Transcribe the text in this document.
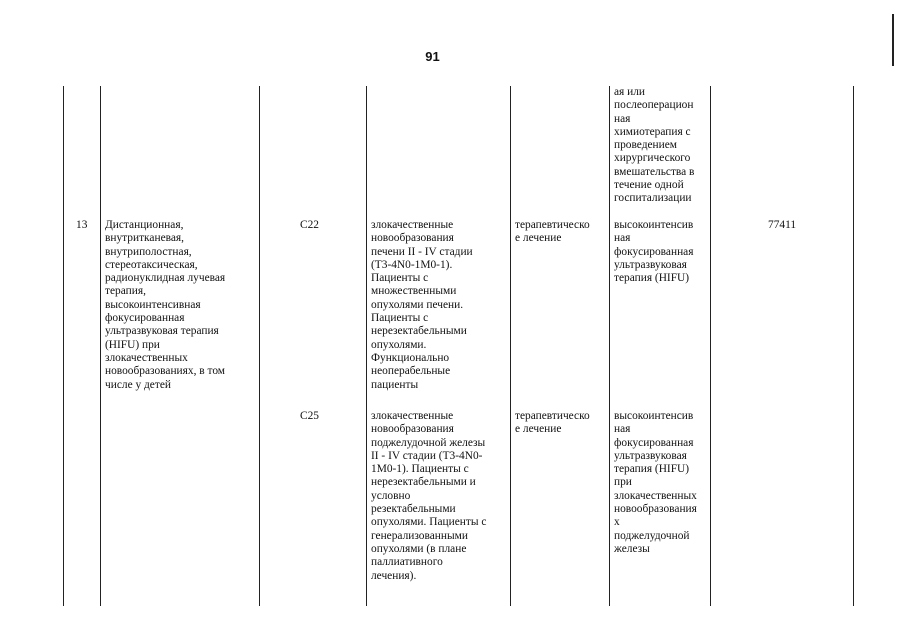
91
13 Дистанционная,
внутритканевая,
внутриполостная,
стереотаксическая,
радионуклидная лучевая
терапия,
высокоинтенсивная
фокусированная
ультразвуковая терапия
(HIFU) при
злокачественных
новообразованиях, в том
числе у детей
77411
ая или
послеоперацион
ная
химиотерапия с
проведением
хирургического
вмешательства в
течение одной
госпитализации
C22	злокачественные
новообразования
печени II - IV стадии
(T3-4N0-1M0-1).
Пациенты с
множественными
опухолями печени.
Пациенты с
нерезектабельными
опухолями.
Функционально
неоперабельные
пациенты
терапевтическо
е лечение
высокоинтенсив
ная
фокусированная
ультразвуковая
терапия (HIFU)
C25	злокачественные
новообразования
поджелудочной железы
II - IV стадии (T3-4N0-
1M0-1). Пациенты с
нерезектабельными и
условно
резектабельными
опухолями. Пациенты с
генерализованными
опухолями (в плане
паллиативного
лечения).
терапевтическо
е лечение
высокоинтенсив
ная
фокусированная
ультразвуковая
терапия (HIFU)
при
злокачественных
новообразования
х
поджелудочной
железы
